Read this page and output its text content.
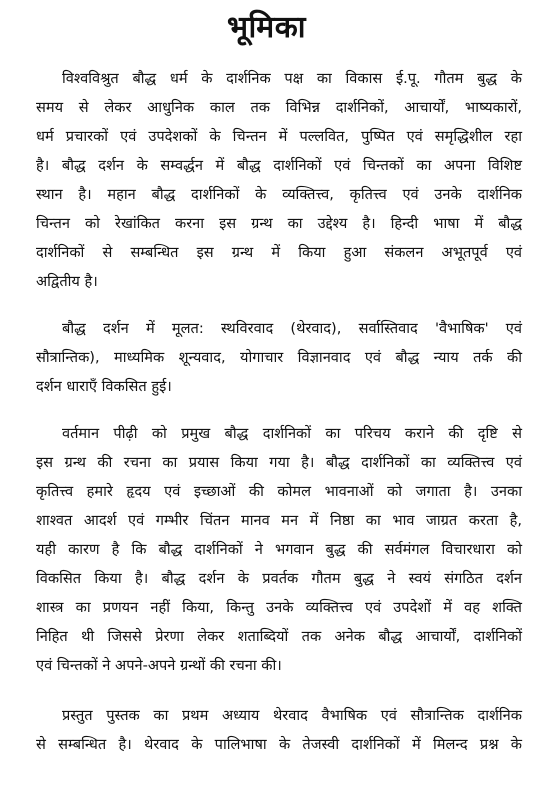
भूमिका
विश्वविश्रुत बौद्ध धर्म के दार्शनिक पक्ष का विकास ई.पू. गौतम बुद्ध के
समय से लेकर आधुनिक काल तक विभिन्न दार्शनिकों, आचार्यों, भाष्यकारों,
धर्म प्रचारकों एवं उपदेशकों के चिन्तन में पल्लवित, पुष्पित एवं समृद्धिशील रहा
है। बौद्ध दर्शन के सम्वर्द्धन में बौद्ध दार्शनिकों एवं चिन्तकों का अपना विशिष्ट
स्थान है। महान बौद्ध दार्शनिकों के व्यक्तित्त्व, कृतित्त्व एवं उनके दार्शनिक
चिन्तन को रेखांकित करना इस ग्रन्थ का उद्देश्य है। हिन्दी भाषा में बौद्ध
दार्शनिकों से सम्बन्धित इस ग्रन्थ में किया हुआ संकलन अभूतपूर्व एवं
अद्वितीय है।
बौद्ध दर्शन में मूलत: स्थविरवाद (थेरवाद), सर्वास्तिवाद 'वैभाषिक' एवं
सौत्रान्तिक), माध्यमिक शून्यवाद, योगाचार विज्ञानवाद एवं बौद्ध न्याय तर्क की
दर्शन धाराएँ विकसित हुई।
वर्तमान पीढ़ी को प्रमुख बौद्ध दार्शनिकों का परिचय कराने की दृष्टि से
इस ग्रन्थ की रचना का प्रयास किया गया है। बौद्ध दार्शनिकों का व्यक्तित्त्व एवं
कृतित्त्व हमारे हृदय एवं इच्छाओं की कोमल भावनाओं को जगाता है। उनका
शाश्वत आदर्श एवं गम्भीर चिंतन मानव मन में निष्ठा का भाव जाग्रत करता है,
यही कारण है कि बौद्ध दार्शनिकों ने भगवान बुद्ध की सर्वमंगल विचारधारा को
विकसित किया है। बौद्ध दर्शन के प्रवर्तक गौतम बुद्ध ने स्वयं संगठित दर्शन
शास्त्र का प्रणयन नहीं किया, किन्तु उनके व्यक्तित्त्व एवं उपदेशों में वह शक्ति
निहित थी जिससे प्रेरणा लेकर शताब्दियों तक अनेक बौद्ध आचार्यों, दार्शनिकों
एवं चिन्तकों ने अपने-अपने ग्रन्थों की रचना की।
प्रस्तुत पुस्तक का प्रथम अध्याय थेरवाद वैभाषिक एवं सौत्रान्तिक दार्शनिक
से सम्बन्धित है। थेरवाद के पालिभाषा के तेजस्वी दार्शनिकों में मिलन्द प्रश्न के
